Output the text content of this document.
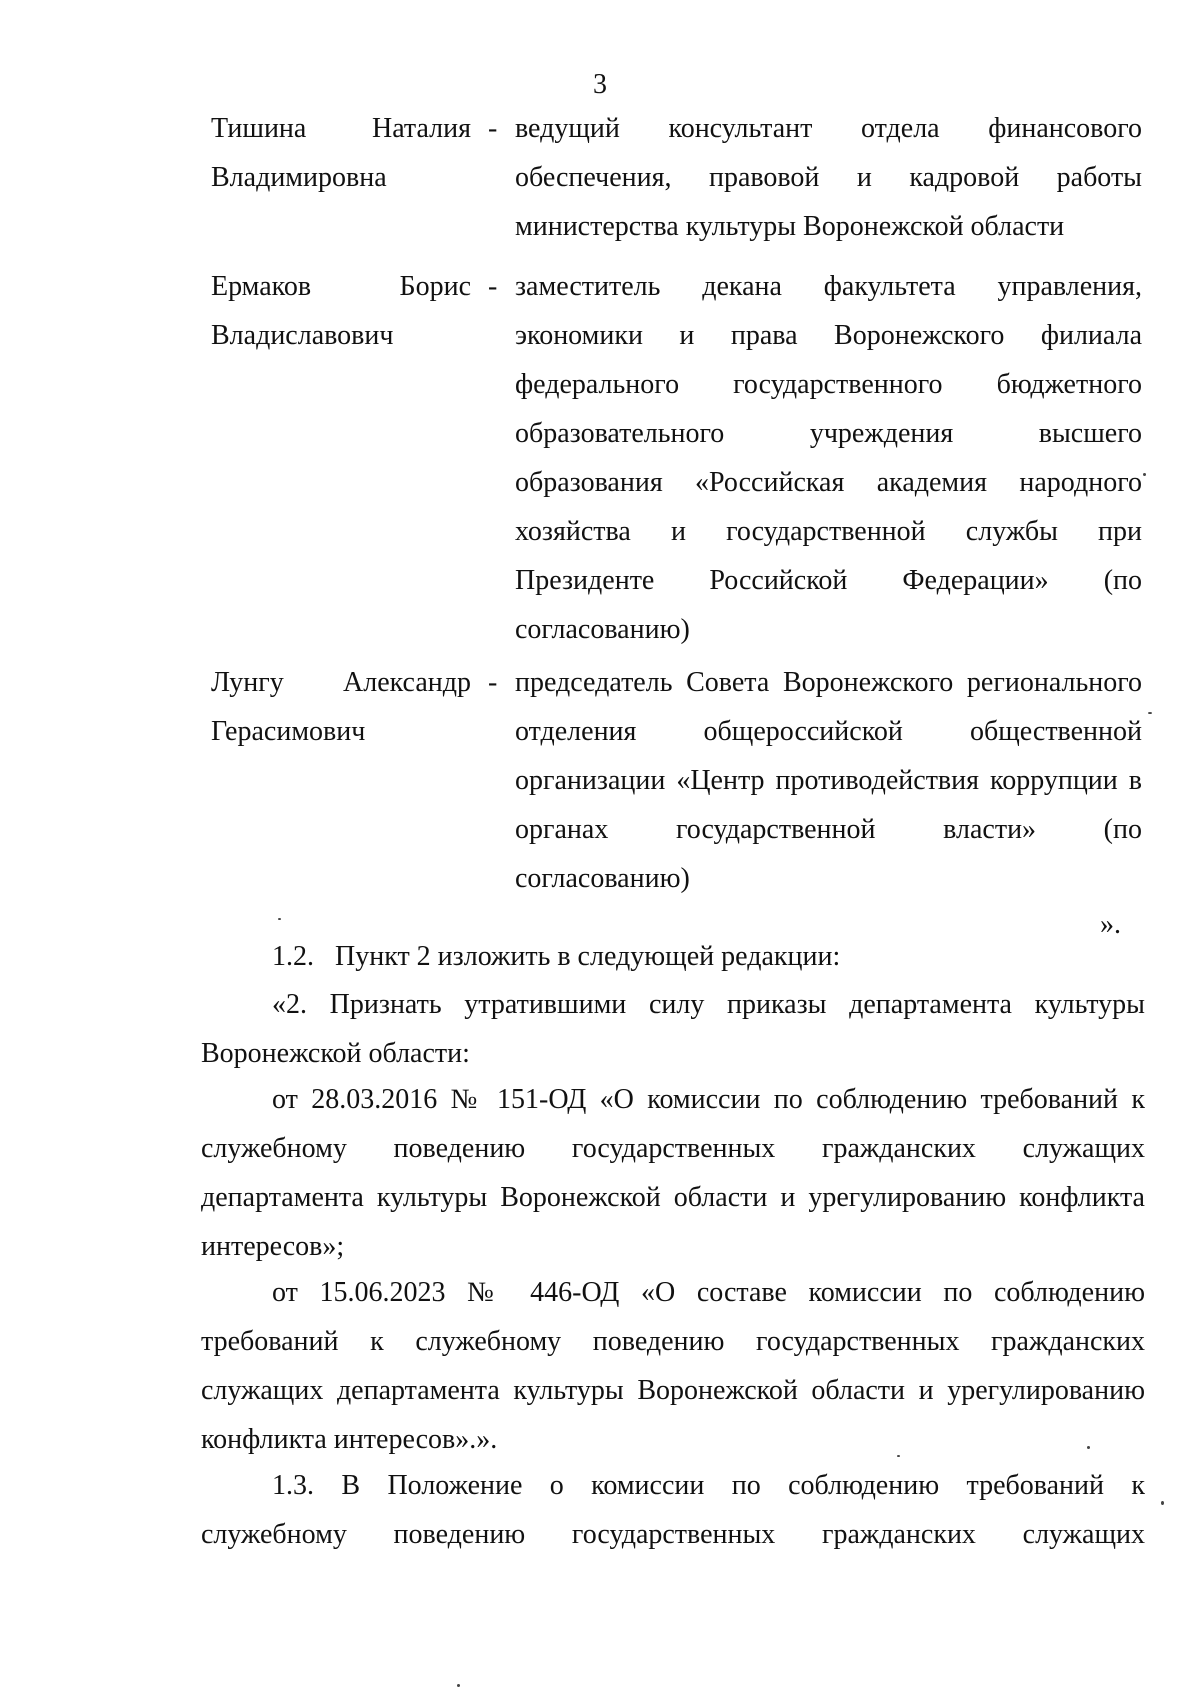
3
Тишина Наталия
Владимировна
- ведущий консультант отдела финансового
обеспечения, правовой и кадровой работы
министерства культуры Воронежской области
Ермаков	Борис
Владиславович
- заместитель декана факультета управления,
экономики и права Воронежского филиала
федерального государственного бюджетного
образовательного учреждения высшего
образования «Российская академия народного
хозяйства и государственной службы при
Президенте Российской Федерации» (по
согласованию)
Лунгу Александр
Герасимович
- председатель Совета Воронежского регионального
отделения общероссийской общественной
организации «Центр противодействия коррупции в
органах государственной власти» (по
согласованию)
».
1.2.   Пункт 2 изложить в следующей редакции:
«2. Признать утратившими силу приказы департамента культуры
Воронежской области:
от 28.03.2016 № 151-ОД «О комиссии по соблюдению требований к
служебному поведению государственных гражданских служащих
департамента культуры Воронежской области и урегулированию конфликта
интересов»;
от 15.06.2023 № 446-ОД «О составе комиссии по соблюдению
требований к служебному поведению государственных гражданских
служащих департамента культуры Воронежской области и урегулированию
конфликта интересов».».
1.3. В Положение о комиссии по соблюдению требований к
служебному поведению государственных гражданских служащих
